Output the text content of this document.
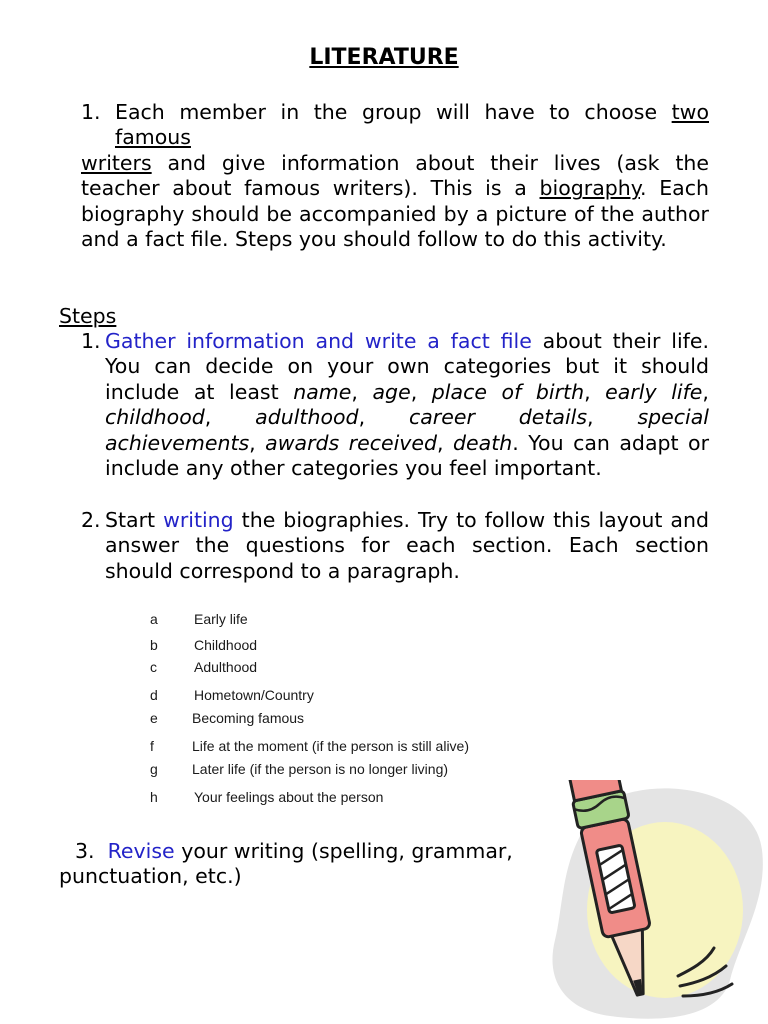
LITERATURE
1. Each member in the group will have to choose two famous
writers and give information about their lives (ask the teacher about famous writers). This is a biography. Each biography should be accompanied by a picture of the author and a fact file. Steps you should follow to do this activity.
Steps
1. Gather information and write a fact file about their life. You can decide on your own categories but it should include at least name, age, place of birth, early life, childhood, adulthood, career details, special achievements, awards received, death. You can adapt or include any other categories you feel important.
2. Start writing the biographies. Try to follow this layout and answer the questions for each section. Each section should correspond to a paragraph.
a	Early life
b	Childhood
c	Adulthood
d	Hometown/Country
e Becoming famous
f	Life at the moment (if the person is still alive)
g Later life (if the person is no longer living)
h	Your feelings about the person
3. Revise your writing (spelling, grammar, punctuation, etc.)
